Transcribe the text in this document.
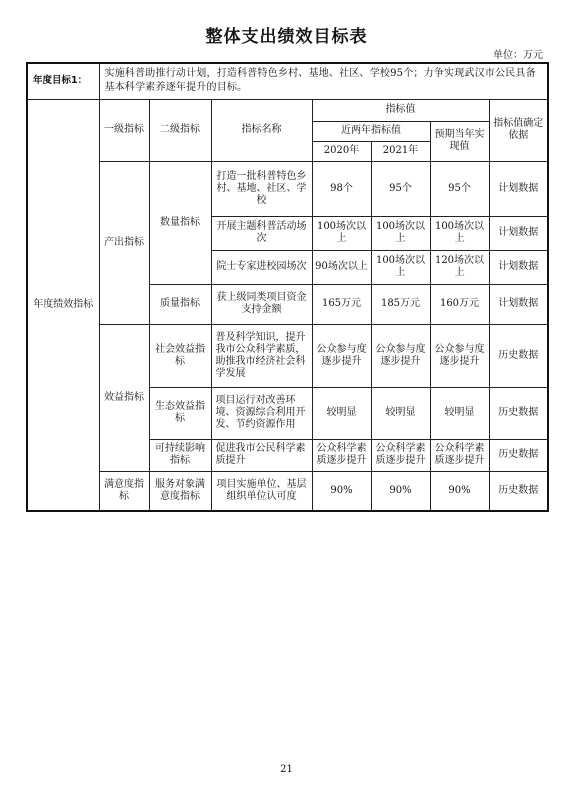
整体支出绩效目标表
单位：万元
年度目标1：	实施科普助推行动计划，打造科普特色乡村、基地、社区、学校95个；力争实现武汉市公民具备基本科学素养逐年提升的目标。						
年度绩效指标	一级指标	二级指标	指标名称	指标值			指标值确定依据
				近两年指标值		预期当年实现值	
				2020年	2021年		
	产出指标	数量指标	打造一批科普特色乡村、基地、社区、学校	98个	95个	95个	计划数据
			开展主题科普活动场次	100场次以上	100场次以上	100场次以上	计划数据
			院士专家进校园场次	90场次以上	100场次以上	120场次以上	计划数据
		质量指标	获上级同类项目资金支持金额	165万元	185万元	160万元	计划数据
	效益指标	社会效益指标	普及科学知识，提升我市公众科学素质，助推我市经济社会科学发展	公众参与度逐步提升	公众参与度逐步提升	公众参与度逐步提升	历史数据
		生态效益指标	项目运行对改善环境、资源综合利用开发、节约资源作用	较明显	较明显	较明显	历史数据
		可持续影响指标	促进我市公民科学素质提升	公众科学素质逐步提升	公众科学素质逐步提升	公众科学素质逐步提升	历史数据
	满意度指标	服务对象满意度指标	项目实施单位、基层组织单位认可度	90%	90%	90%	历史数据
21
